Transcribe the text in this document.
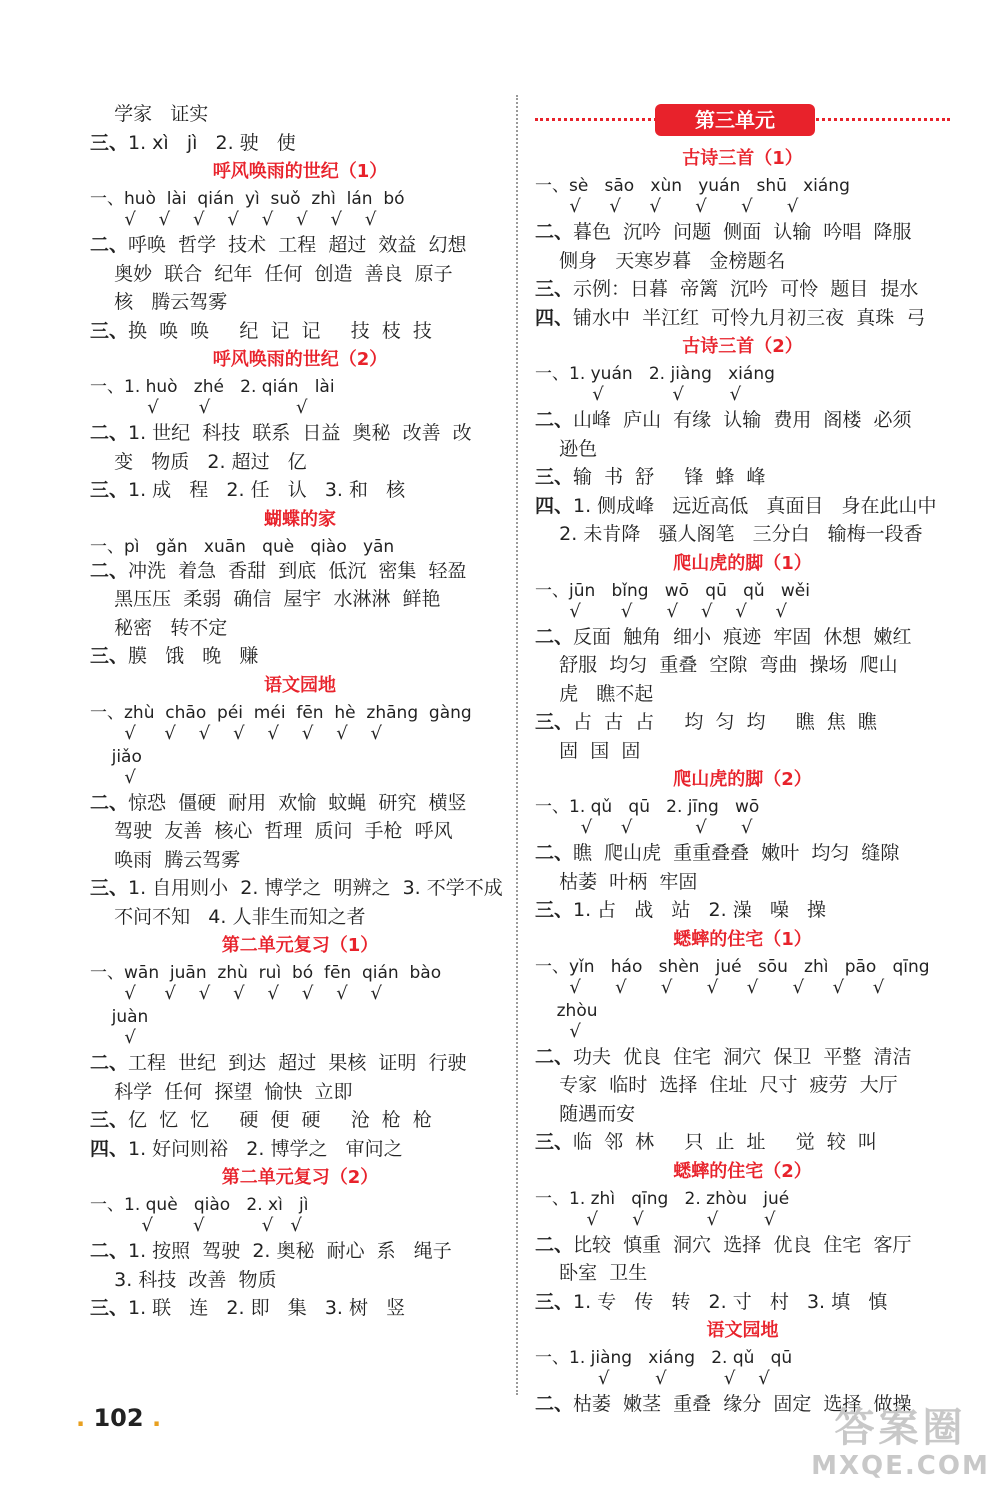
学家   证实
三、1. xì   jì   2. 驶   使
呼风唤雨的世纪（1）
一、huò  lài  qián  yì  suǒ  zhì  lán  bó
√    √    √    √    √    √    √    √
二、呼唤  哲学  技术  工程  超过  效益  幻想
奥妙  联合  纪年  任何  创造  善良  原子
核   腾云驾雾
三、换  唤  唤     纪  记  记     技  枝  技
呼风唤雨的世纪（2）
一、1. huò   zhé   2. qián   lài
√       √               √
二、1. 世纪  科技  联系  日益  奥秘  改善  改
变   物质   2. 超过   亿
三、1. 成   程   2. 任   认   3. 和   核
蝴蝶的家
一、pì   gǎn   xuān   què   qiào   yān
二、冲洗  着急  香甜  到底  低沉  密集  轻盈
黑压压  柔弱  确信  屋宇  水淋淋  鲜艳
秘密   转不定
三、膜   饿   晚   赚
语文园地
一、zhù  chāo  péi  méi  fēn  hè  zhāng  gàng
√     √    √    √    √    √    √    √
jiǎo
√
二、惊恐  僵硬  耐用  欢愉  蚊蝇  研究  横竖
驾驶  友善  核心  哲理  质问  手枪  呼风
唤雨  腾云驾雾
三、1. 自用则小  2. 博学之  明辨之  3. 不学不成
不问不知   4. 人非生而知之者
第二单元复习（1）
一、wān  juān  zhù  ruì  bó  fēn  qián  bào
√     √    √    √    √    √    √    √
juàn
√
二、工程  世纪  到达  超过  果核  证明  行驶
科学  任何  探望  愉快  立即
三、亿  忆  忆     硬  便  硬     沧  枪  枪
四、1. 好问则裕   2. 博学之   审问之
第二单元复习（2）
一、1. què   qiào   2. xì   jì
√       √          √   √
二、1. 按照  驾驶  2. 奥秘  耐心  系   绳子
3. 科技  改善  物质
三、1. 联   连   2. 即   集   3. 树   竖
第三单元
古诗三首（1）
一、sè   sāo   xùn   yuán   shū   xiáng
√     √     √      √      √      √
二、暮色  沉吟  问题  侧面  认输  吟唱  降服
侧身   天寒岁暮   金榜题名
三、示例：日暮  帝篱  沉吟  可怜  题目  提水
四、铺水中  半江红  可怜九月初三夜  真珠  弓
古诗三首（2）
一、1. yuán   2. jiàng   xiáng
√            √        √
二、山峰  庐山  有缘  认输  费用  阁楼  必须
逊色
三、输  书  舒     锋  蜂  峰
四、1. 侧成峰   远近高低   真面目   身在此山中
2. 未肯降   骚人阁笔   三分白   输梅一段香
爬山虎的脚（1）
一、jūn   bǐng   wō   qū   qǔ   wěi
√       √      √    √    √     √
二、反面  触角  细小  痕迹  牢固  休想  嫩红
舒服  均匀  重叠  空隙  弯曲  操场  爬山
虎   瞧不起
三、占  古  占     均  匀  均     瞧  焦  瞧
固  国  固
爬山虎的脚（2）
一、1. qǔ   qū   2. jīng   wō
√     √           √      √
二、瞧  爬山虎  重重叠叠  嫩叶  均匀  缝隙
枯萎  叶柄  牢固
三、1. 占   战   站   2. 澡   噪   操
蟋蟀的住宅（1）
一、yǐn   háo   shèn   jué   sōu   zhì   pāo   qīng
√      √      √      √     √      √     √     √
zhòu
√
二、功夫  优良  住宅  洞穴  保卫  平整  清洁
专家  临时  选择  住址  尺寸  疲劳  大厅
随遇而安
三、临  邻  林     只  止  址     觉  较  叫
蟋蟀的住宅（2）
一、1. zhì   qīng   2. zhòu   jué
√      √           √        √
二、比较  慎重  洞穴  选择  优良  住宅  客厅
卧室  卫生
三、1. 专   传   转   2. 寸   村   3. 填   慎
语文园地
一、1. jiàng   xiáng   2. qǔ   qū
√        √          √    √
二、枯萎  嫩茎  重叠  缘分  固定  选择  做操
. 102 .	答案圈
MXQE.COM
